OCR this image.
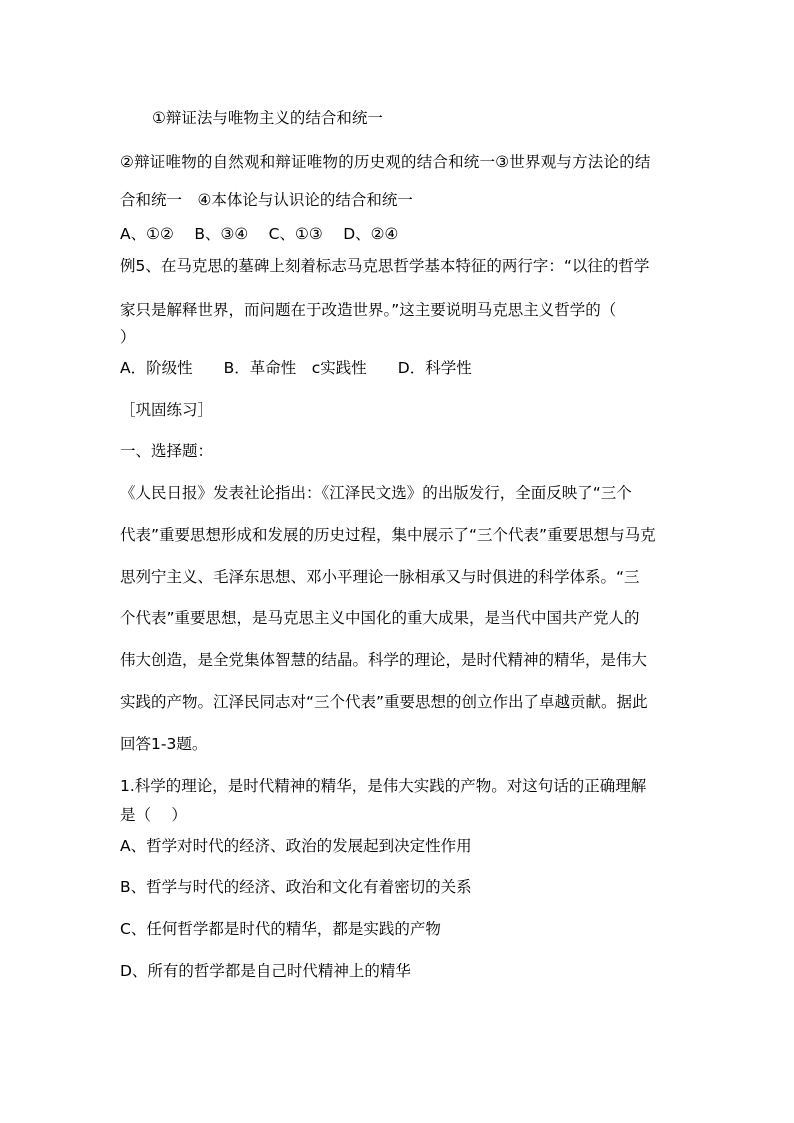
①辩证法与唯物主义的结合和统一
②辩证唯物的自然观和辩证唯物的历史观的结合和统一③世界观与方法论的结
合和统一　④本体论与认识论的结合和统一
A、①②　 B、③④　 C、①③　 D、②④
例5、在马克思的墓碑上刻着标志马克思哲学基本特征的两行字：“以往的哲学
家只是解释世界，而问题在于改造世界。”这主要说明马克思主义哲学的（
）
A．阶级性　　B．革命性　c实践性　　D．科学性
［巩固练习］
一、选择题：
《人民日报》发表社论指出：《江泽民文选》的出版发行，全面反映了“三个
代表”重要思想形成和发展的历史过程，集中展示了“三个代表”重要思想与马克
思列宁主义、毛泽东思想、邓小平理论一脉相承又与时俱进的科学体系。“三
个代表”重要思想，是马克思主义中国化的重大成果，是当代中国共产党人的
伟大创造，是全党集体智慧的结晶。科学的理论，是时代精神的精华，是伟大
实践的产物。江泽民同志对“三个代表”重要思想的创立作出了卓越贡献。据此
回答1-3题。
1.科学的理论，是时代精神的精华，是伟大实践的产物。对这句话的正确理解
是（　 ）
A、哲学对时代的经济、政治的发展起到决定性作用
B、哲学与时代的经济、政治和文化有着密切的关系
C、任何哲学都是时代的精华，都是实践的产物
D、所有的哲学都是自己时代精神上的精华
